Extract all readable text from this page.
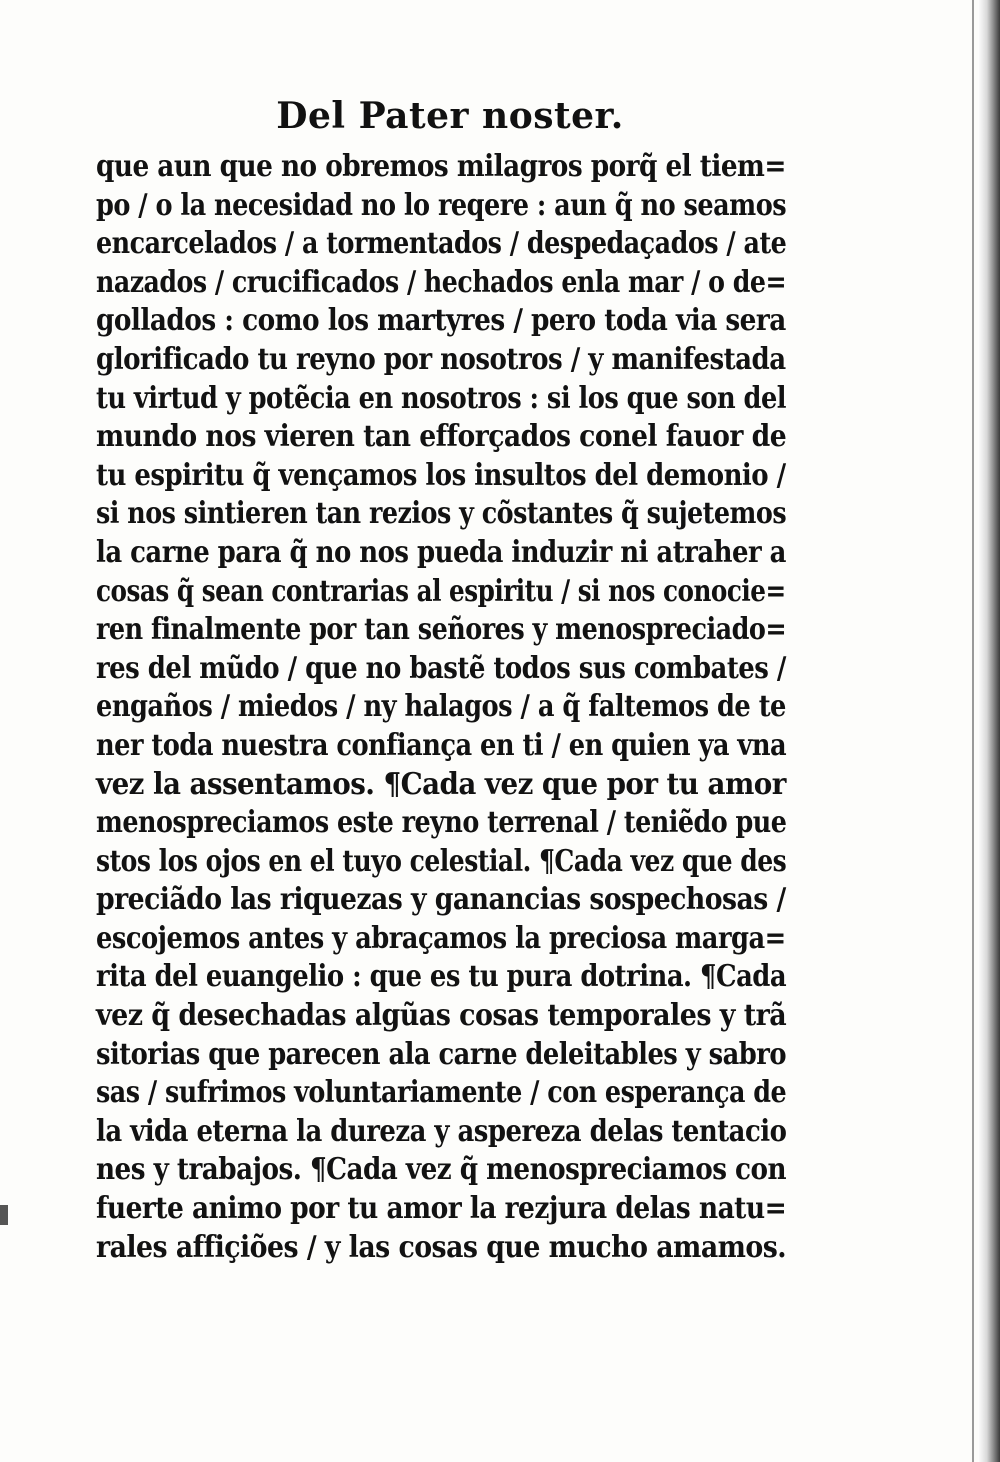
Del Pater noster.
que aun que no obremos milagros porq̃ el tiem=
po / o la necesidad no lo reqere : aun q̃ no seamos
encarcelados / a tormentados / despedaçados / ate
nazados / crucificados / hechados enla mar / o de=
gollados : como los martyres / pero toda via sera
glorificado tu reyno por nosotros / y manifestada
tu virtud y potẽcia en nosotros : si los que son del
mundo nos vieren tan efforçados conel fauor de
tu espiritu q̃ vençamos los insultos del demonio /
si nos sintieren tan rezios y cõstantes q̃ sujetemos
la carne para q̃ no nos pueda induzir ni atraher a
cosas q̃ sean contrarias al espiritu / si nos conocie=
ren finalmente por tan señores y menospreciado=
res del mũdo / que no bastẽ todos sus combates /
engaños / miedos / ny halagos / a q̃ faltemos de te
ner toda nuestra confiança en ti / en quien ya vna
vez la assentamos. ¶Cada vez que por tu amor
menospreciamos este reyno terrenal / teniẽdo pue
stos los ojos en el tuyo celestial. ¶Cada vez que des
preciãdo las riquezas y ganancias sospechosas /
escojemos antes y abraçamos la preciosa marga=
rita del euangelio : que es tu pura dotrina. ¶Cada
vez q̃ desechadas algũas cosas temporales y trã
sitorias que parecen ala carne deleitables y sabro
sas / sufrimos voluntariamente / con esperança de
la vida eterna la dureza y aspereza delas tentacio
nes y trabajos. ¶Cada vez q̃ menospreciamos con
fuerte animo por tu amor la rezjura delas natu=
rales affiçiões / y las cosas que mucho amamos.
